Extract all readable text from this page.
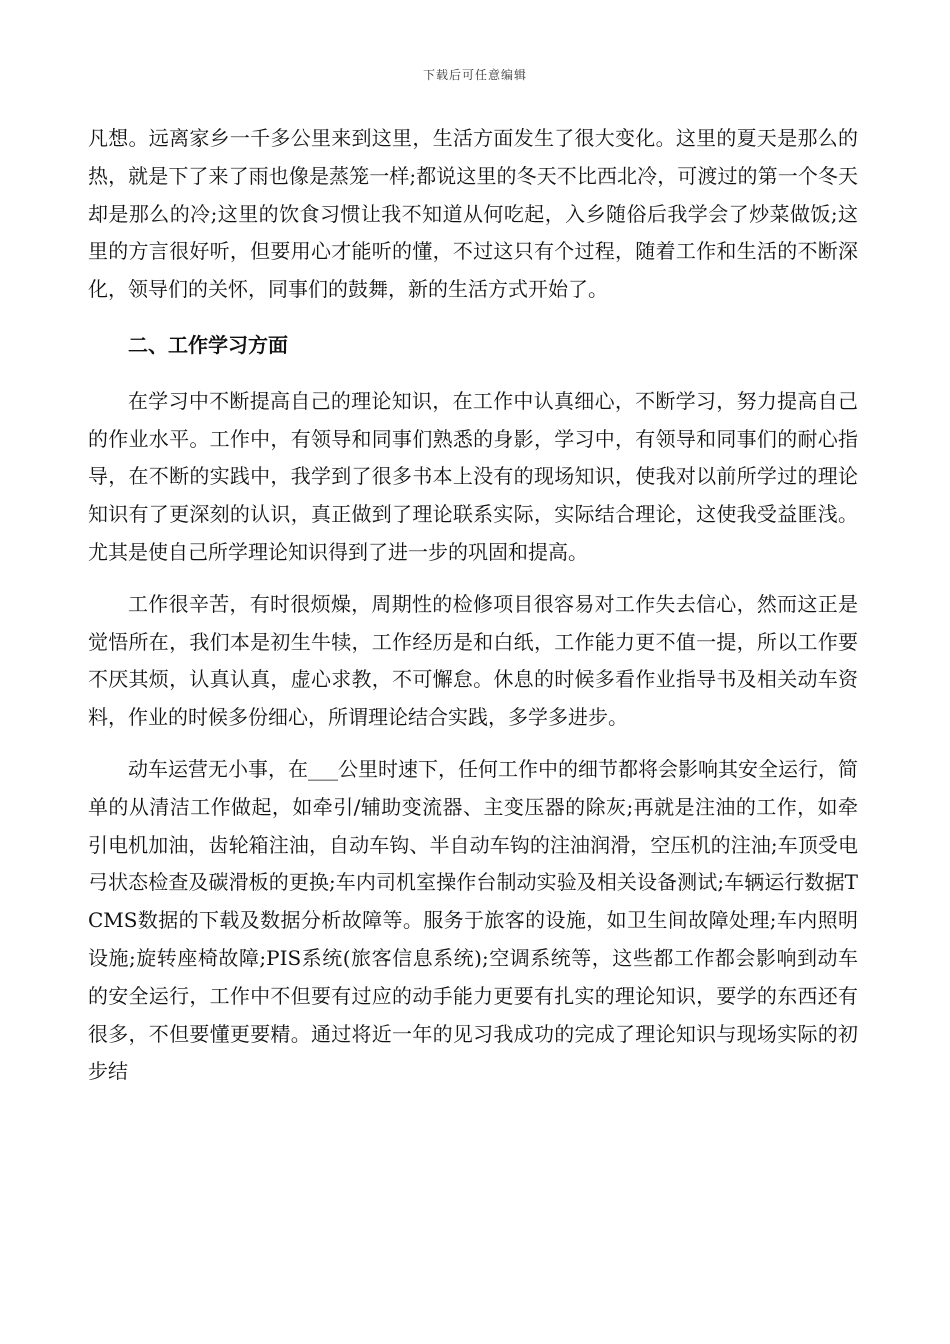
下载后可任意编辑

凡想。远离家乡一千多公里来到这里，生活方面发生了很大变化。这里的夏天是那么的热，就是下了来了雨也像是蒸笼一样;都说这里的冬天不比西北冷，可渡过的第一个冬天却是那么的冷;这里的饮食习惯让我不知道从何吃起，入乡随俗后我学会了炒菜做饭;这里的方言很好听，但要用心才能听的懂，不过这只有个过程，随着工作和生活的不断深化，领导们的关怀，同事们的鼓舞，新的生活方式开始了。

二、工作学习方面

在学习中不断提高自己的理论知识，在工作中认真细心，不断学习，努力提高自己的作业水平。工作中，有领导和同事们熟悉的身影，学习中，有领导和同事们的耐心指导，在不断的实践中，我学到了很多书本上没有的现场知识，使我对以前所学过的理论知识有了更深刻的认识，真正做到了理论联系实际，实际结合理论，这使我受益匪浅。尤其是使自己所学理论知识得到了进一步的巩固和提高。

工作很辛苦，有时很烦燥，周期性的检修项目很容易对工作失去信心，然而这正是觉悟所在，我们本是初生牛犊，工作经历是和白纸，工作能力更不值一提，所以工作要不厌其烦，认真认真，虚心求教，不可懈怠。休息的时候多看作业指导书及相关动车资料，作业的时候多份细心，所谓理论结合实践，多学多进步。

动车运营无小事，在___公里时速下，任何工作中的细节都将会影响其安全运行，简单的从清洁工作做起，如牵引/辅助变流器、主变压器的除灰;再就是注油的工作，如牵引电机加油，齿轮箱注油，自动车钩、半自动车钩的注油润滑，空压机的注油;车顶受电弓状态检查及碳滑板的更换;车内司机室操作台制动实验及相关设备测试;车辆运行数据TCMS数据的下载及数据分析故障等。服务于旅客的设施，如卫生间故障处理;车内照明设施;旋转座椅故障;PIS系统(旅客信息系统);空调系统等，这些都工作都会影响到动车的安全运行，工作中不但要有过应的动手能力更要有扎实的理论知识，要学的东西还有很多，不但要懂更要精。通过将近一年的见习我成功的完成了理论知识与现场实际的初步结
